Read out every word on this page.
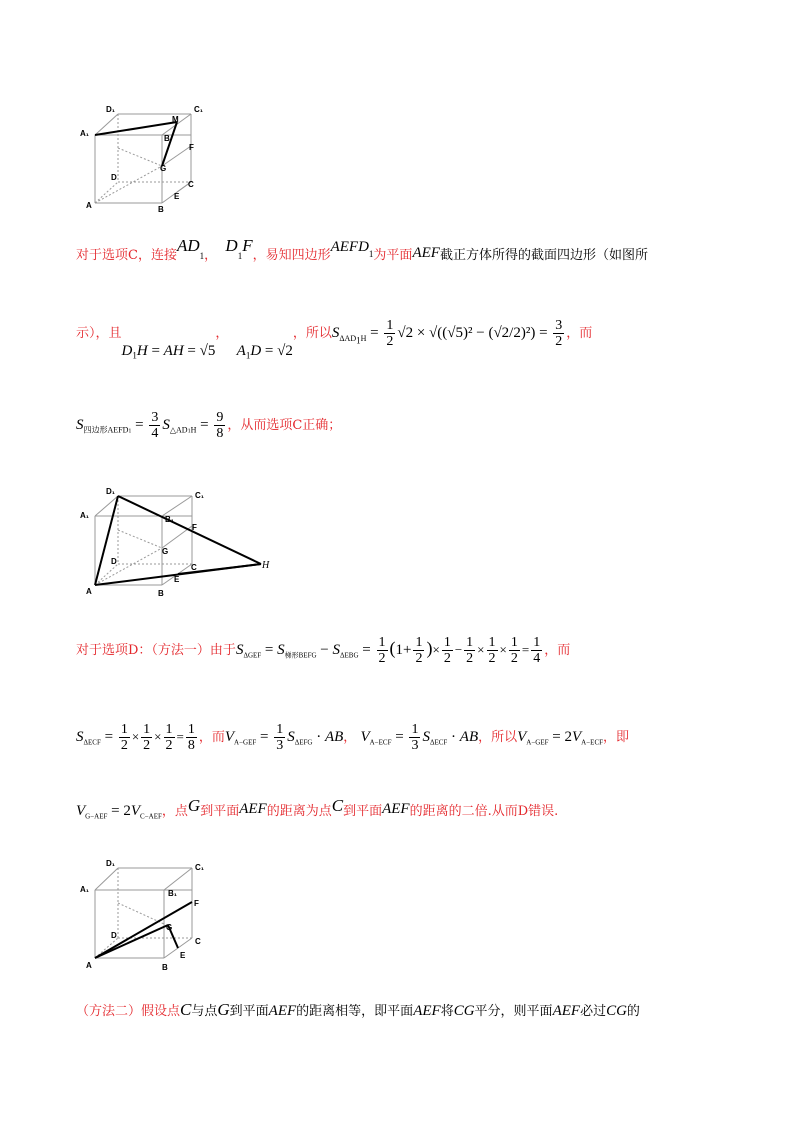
D₁	C₁
A₁
M
B
F
G
D
C
E
A	B
对于选项C，连接$AD_1$，  $D_1F$，易知四边形$AEFD_1$为平面AEF截正方体所得的截面四边形（如图所
示），且$D_1H$ = AH = √5，  $A_1D = √2$，所以$S_{\Delta AD_1H} = \frac{1}{2} √2 \times √((√5)^2 - (√2/2)^2) = \frac{3}{2}$ ，而
$S_{四边形AEFD1} = \frac{3}{4} S_{\triangle AD1H} = \frac{9}{8}$ ，从而选项C正确；
D₁	C₁
A₁	B₁
F
D
G
C
E
H
A	B
对于选项D：（方法一）由于$S_{\Delta GEF} = S_{梯形BEFG} - S_{\Delta EBG} = \frac{1}{2} (1+ \frac{1}{2}$ )× $\frac{1}{2} - \frac{1}{2} \times \frac{1}{2} \times \frac{1}{2} = \frac{1}{4}$ ，而
$S_{\Delta ECF} = \frac{1}{2} \times \frac{1}{2} \times \frac{1}{2} = \frac{1}{8}$ ，而$V_{A-GEF} = \frac{1}{3} S_{\Delta EFG}$ · AB， $V_{A-ECF} = \frac{1}{3} S_{\Delta ECF}$ · AB，所以$V_{A-GEF} = 2V_{A-ECF}$，即
$V_{G-AEF} = 2V_{C-AEF}$，点G到平面AEF的距离为点C到平面AEF的距离的二倍.从而D错误.
D₁	C₁
A₁	B₁
F
G
D
C
E
A	B
（方法二）假设点C与点G到平面AEF的距离相等，即平面AEF将CG平分，则平面AEF必过CG的
